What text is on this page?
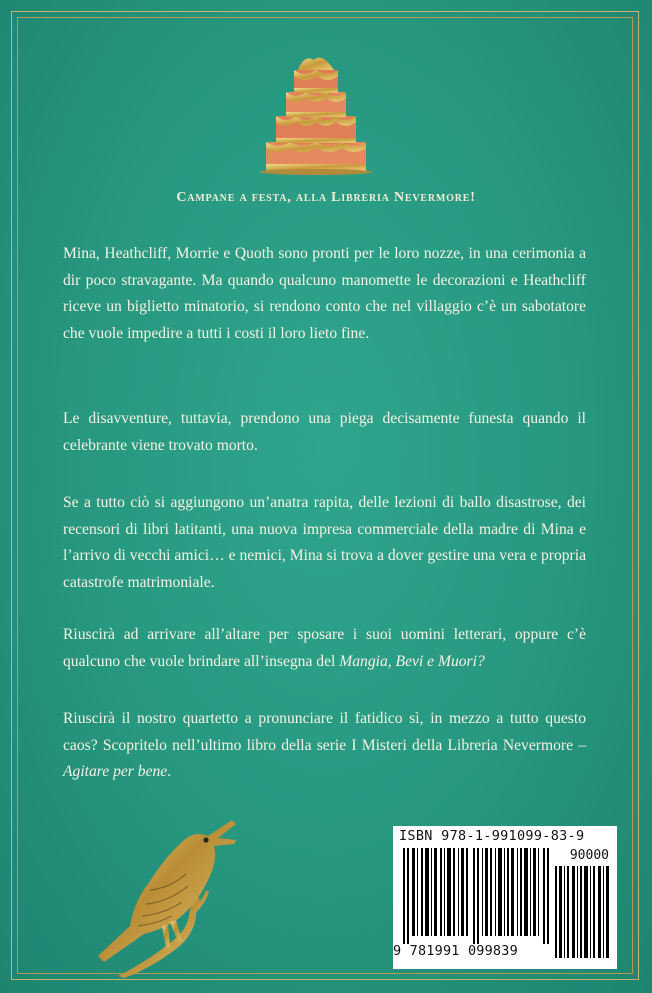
Campane a festa, alla Libreria Nevermore!

Mina, Heathcliff, Morrie e Quoth sono pronti per le loro nozze, in una cerimonia a dir poco stravagante. Ma quando qualcuno manomette le decorazioni e Heathcliff riceve un biglietto minatorio, si rendono conto che nel villaggio c’è un sabotatore che vuole impedire a tutti i costi il loro lieto fine.

Le disavventure, tuttavia, prendono una piega decisamente funesta quando il celebrante viene trovato morto.

Se a tutto ciò si aggiungono un’anatra rapita, delle lezioni di ballo disastrose, dei recensori di libri latitanti, una nuova impresa commerciale della madre di Mina e l’arrivo di vecchi amici… e nemici, Mina si trova a dover gestire una vera e propria catastrofe matrimoniale.

Riuscirà ad arrivare all’altare per sposare i suoi uomini letterari, oppure c’è qualcuno che vuole brindare all’insegna del Mangia, Bevi e Muori?

Riuscirà il nostro quartetto a pronunciare il fatidico sì, in mezzo a tutto questo caos? Scopritelo nell’ultimo libro della serie I Misteri della Libreria Nevermore – Agitare per bene.

ISBN 978-1-991099-83-9
90000
9 781991 099839
